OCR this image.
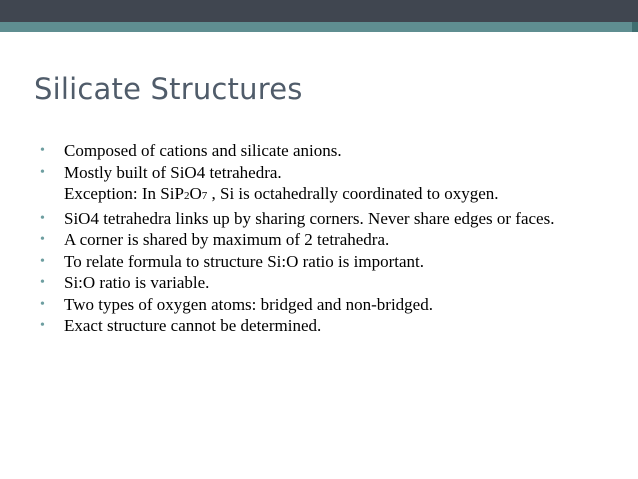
Silicate Structures
• Composed of cations and silicate anions.
• Mostly built of SiO4 tetrahedra.
Exception: In SiP2O7 , Si is octahedrally coordinated to oxygen.
• SiO4 tetrahedra links up by sharing corners. Never share edges or faces.
• A corner is shared by maximum of 2 tetrahedra.
• To relate formula to structure Si:O ratio is important.
• Si:O ratio is variable.
• Two types of oxygen atoms: bridged and non-bridged.
• Exact structure cannot be determined.
